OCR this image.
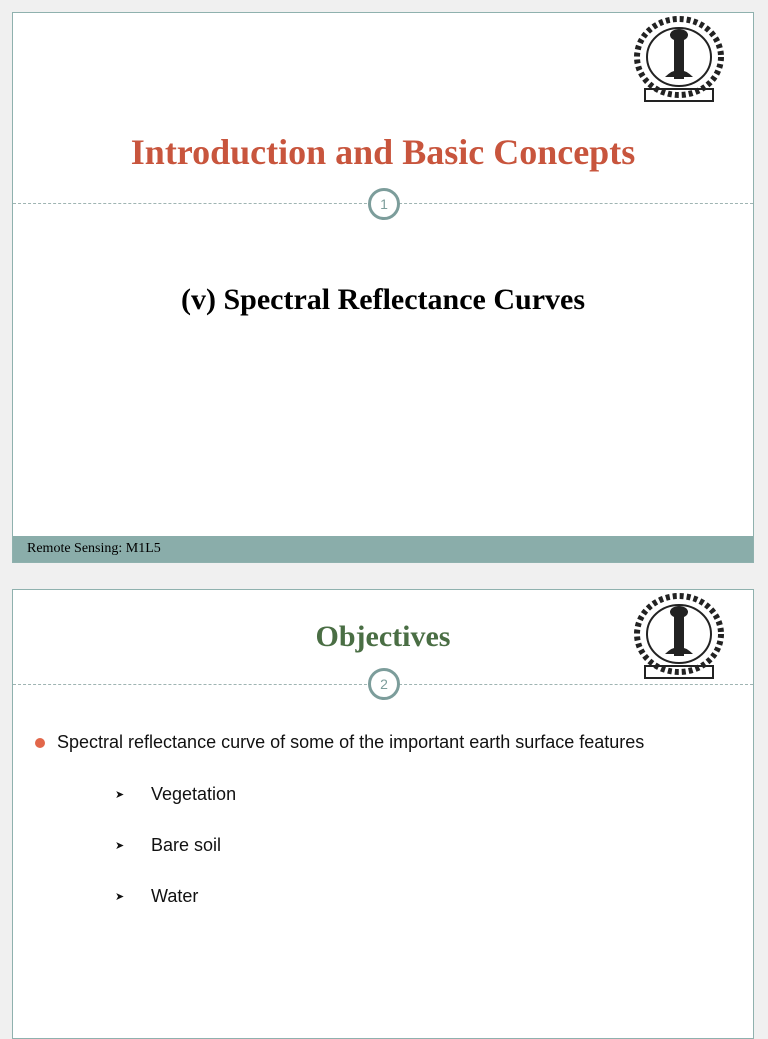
Introduction and Basic Concepts
1
(v) Spectral Reflectance Curves
Remote Sensing: M1L5
Objectives
2
Spectral reflectance curve of some of the important earth surface features
➤	Vegetation
➤	Bare soil
➤	Water
